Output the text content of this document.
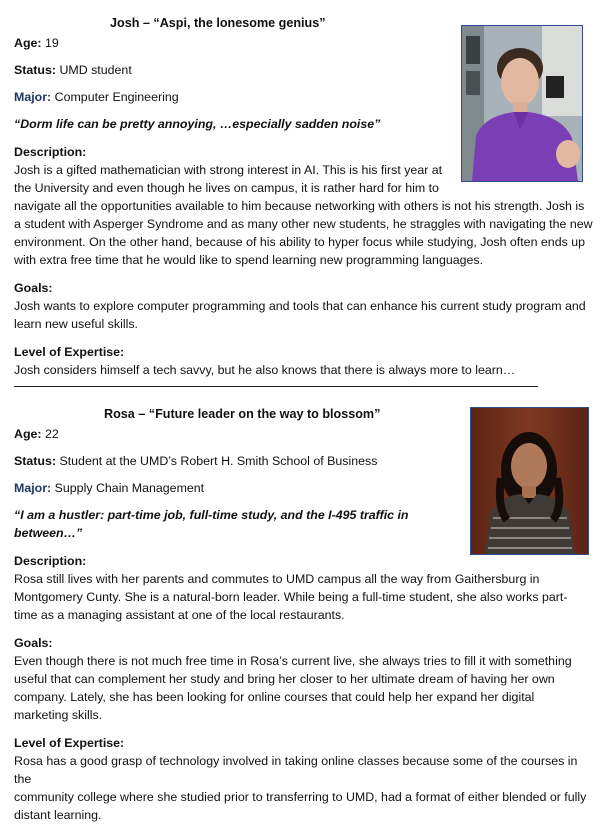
Josh – “Aspi, the lonesome genius”
Age: 19
Status: UMD student
Major: Computer Engineering
“Dorm life can be pretty annoying, …especially sadden noise”
Description:
Josh is a gifted mathematician with strong interest in AI. This is his first year at
the University and even though he lives on campus, it is rather hard for him to
navigate all the opportunities available to him because networking with others is not his strength. Josh is
a student with Asperger Syndrome and as many other new students, he straggles with navigating the new
environment. On the other hand, because of his ability to hyper focus while studying, Josh often ends up
with extra free time that he would like to spend learning new programming languages.
Goals:
Josh wants to explore computer programming and tools that can enhance his current study program and
learn new useful skills.
Level of Expertise:
Josh considers himself a tech savvy, but he also knows that there is always more to learn…
Rosa – “Future leader on the way to blossom”
Age: 22
Status: Student at the UMD’s Robert H. Smith School of Business
Major: Supply Chain Management
“I am a hustler: part-time job, full-time study, and the I-495 traffic in
between…”
Description:
Rosa still lives with her parents and commutes to UMD campus all the way from Gaithersburg in
Montgomery Cunty. She is a natural-born leader. While being a full-time student, she also works part-
time as a managing assistant at one of the local restaurants.
Goals:
Even though there is not much free time in Rosa’s current live, she always tries to fill it with something
useful that can complement her study and bring her closer to her ultimate dream of having her own
company. Lately, she has been looking for online courses that could help her expand her digital
marketing skills.
Level of Expertise:
Rosa has a good grasp of technology involved in taking online classes because some of the courses in the
community college where she studied prior to transferring to UMD, had a format of either blended or fully
distant learning.
